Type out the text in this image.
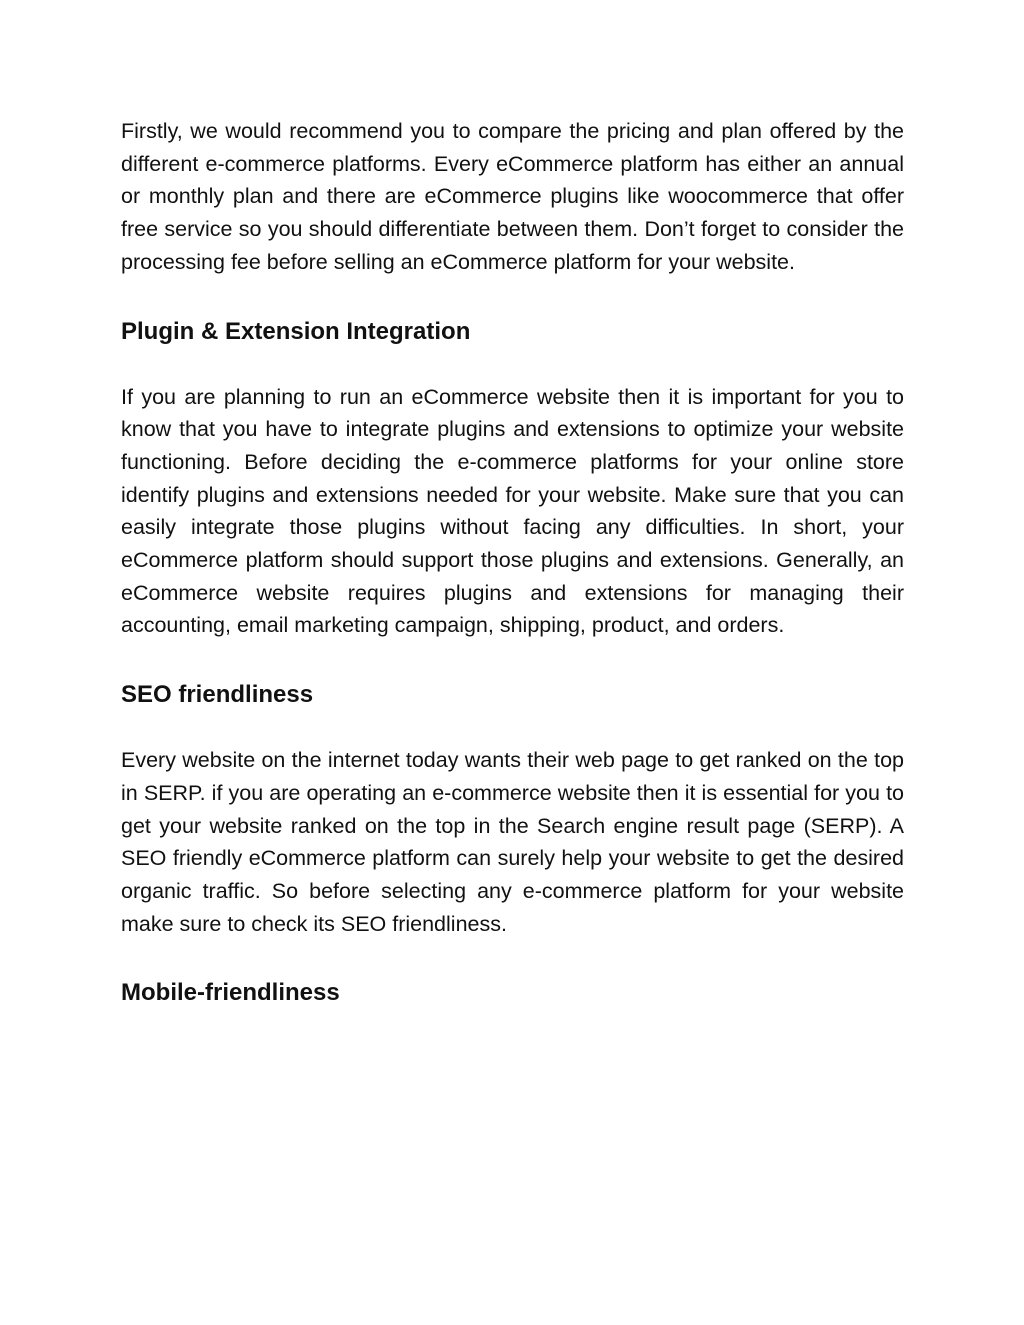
Firstly, we would recommend you to compare the pricing and plan offered by the different e-commerce platforms. Every eCommerce platform has either an annual or monthly plan and there are eCommerce plugins like woocommerce that offer free service so you should differentiate between them. Don’t forget to consider the processing fee before selling an eCommerce platform for your website.

Plugin & Extension Integration

If you are planning to run an eCommerce website then it is important for you to know that you have to integrate plugins and extensions to optimize your website functioning. Before deciding the e-commerce platforms for your online store identify plugins and extensions needed for your website. Make sure that you can easily integrate those plugins without facing any difficulties. In short, your eCommerce platform should support those plugins and extensions. Generally, an eCommerce website requires plugins and extensions for managing their accounting, email marketing campaign, shipping, product, and orders.

SEO friendliness

Every website on the internet today wants their web page to get ranked on the top in SERP. if you are operating an e-commerce website then it is essential for you to get your website ranked on the top in the Search engine result page (SERP). A SEO friendly eCommerce platform can surely help your website to get the desired organic traffic. So before selecting any e-commerce platform for your website make sure to check its SEO friendliness.

Mobile-friendliness
